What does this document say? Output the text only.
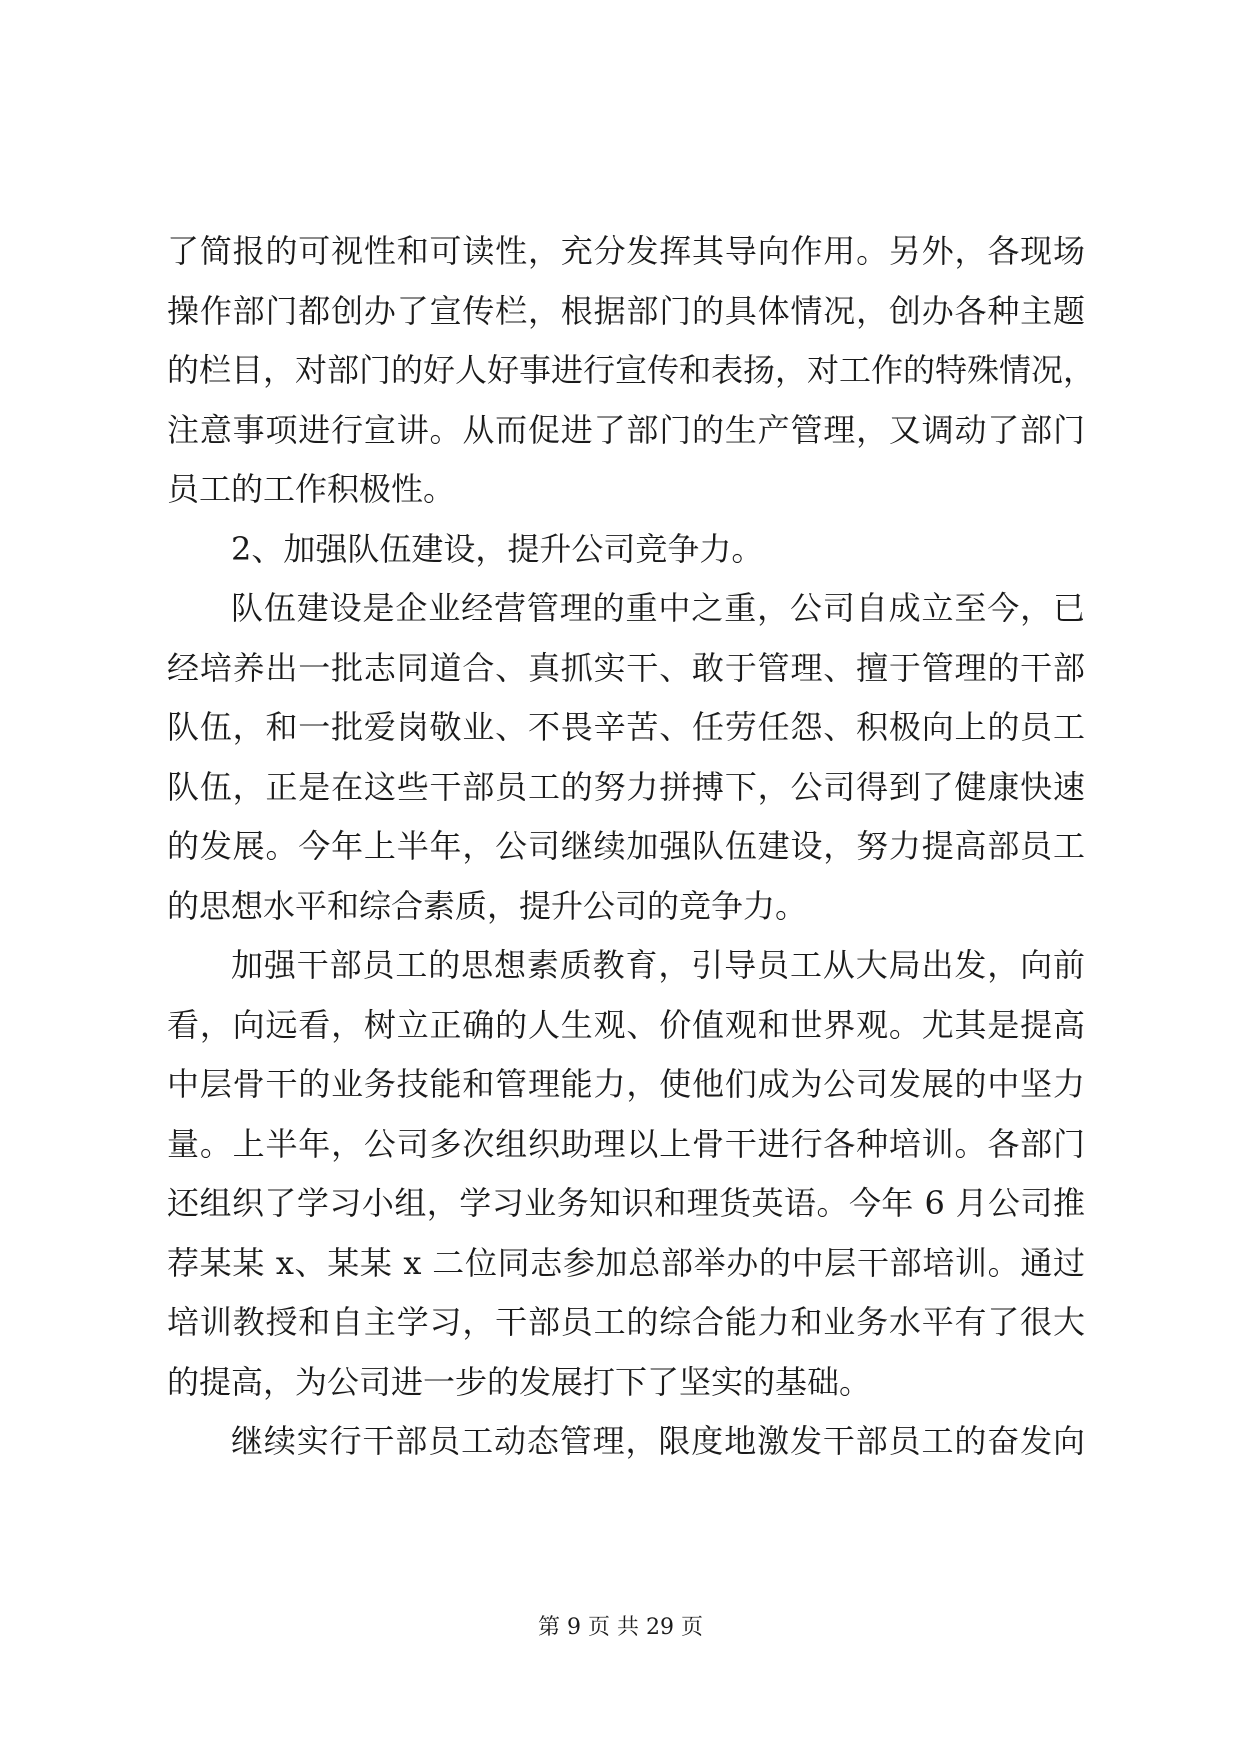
了简报的可视性和可读性，充分发挥其导向作用。另外，各现场
操作部门都创办了宣传栏，根据部门的具体情况，创办各种主题
的栏目，对部门的好人好事进行宣传和表扬，对工作的特殊情况，
注意事项进行宣讲。从而促进了部门的生产管理，又调动了部门
员工的工作积极性。
2、加强队伍建设，提升公司竞争力。
队伍建设是企业经营管理的重中之重，公司自成立至今，已
经培养出一批志同道合、真抓实干、敢于管理、擅于管理的干部
队伍，和一批爱岗敬业、不畏辛苦、任劳任怨、积极向上的员工
队伍，正是在这些干部员工的努力拼搏下，公司得到了健康快速
的发展。今年上半年，公司继续加强队伍建设，努力提高部员工
的思想水平和综合素质，提升公司的竞争力。
加强干部员工的思想素质教育，引导员工从大局出发，向前
看，向远看，树立正确的人生观、价值观和世界观。尤其是提高
中层骨干的业务技能和管理能力，使他们成为公司发展的中坚力
量。上半年，公司多次组织助理以上骨干进行各种培训。各部门
还组织了学习小组，学习业务知识和理货英语。今年 6 月公司推
荐某某 x、某某 x 二位同志参加总部举办的中层干部培训。通过
培训教授和自主学习，干部员工的综合能力和业务水平有了很大
的提高，为公司进一步的发展打下了坚实的基础。
继续实行干部员工动态管理，限度地激发干部员工的奋发向
第 9 页 共 29 页
